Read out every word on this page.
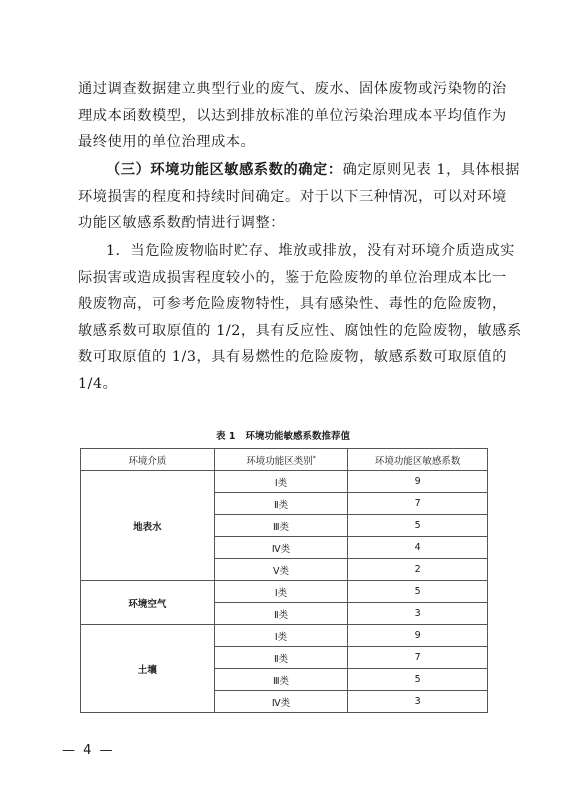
通过调查数据建立典型行业的废气、废水、固体废物或污染物的治
理成本函数模型，以达到排放标准的单位污染治理成本平均值作为
最终使用的单位治理成本。
（三）环境功能区敏感系数的确定：确定原则见表 1，具体根据
环境损害的程度和持续时间确定。对于以下三种情况，可以对环境
功能区敏感系数酌情进行调整：
1．当危险废物临时贮存、堆放或排放，没有对环境介质造成实
际损害或造成损害程度较小的，鉴于危险废物的单位治理成本比一
般废物高，可参考危险废物特性，具有感染性、毒性的危险废物，
敏感系数可取原值的 1/2，具有反应性、腐蚀性的危险废物，敏感系
数可取原值的 1/3，具有易燃性的危险废物，敏感系数可取原值的
1/4。
表 1 环境功能敏感系数推荐值
环境介质	环境功能区类别*	环境功能区敏感系数
地表水	Ⅰ类	9
	Ⅱ类	7
	Ⅲ类	5
	Ⅳ类	4
	Ⅴ类	2
环境空气	Ⅰ类	5
	Ⅱ类	3
土壤	Ⅰ类	9
	Ⅱ类	7
	Ⅲ类	5
	Ⅳ类	3
— 4 —
